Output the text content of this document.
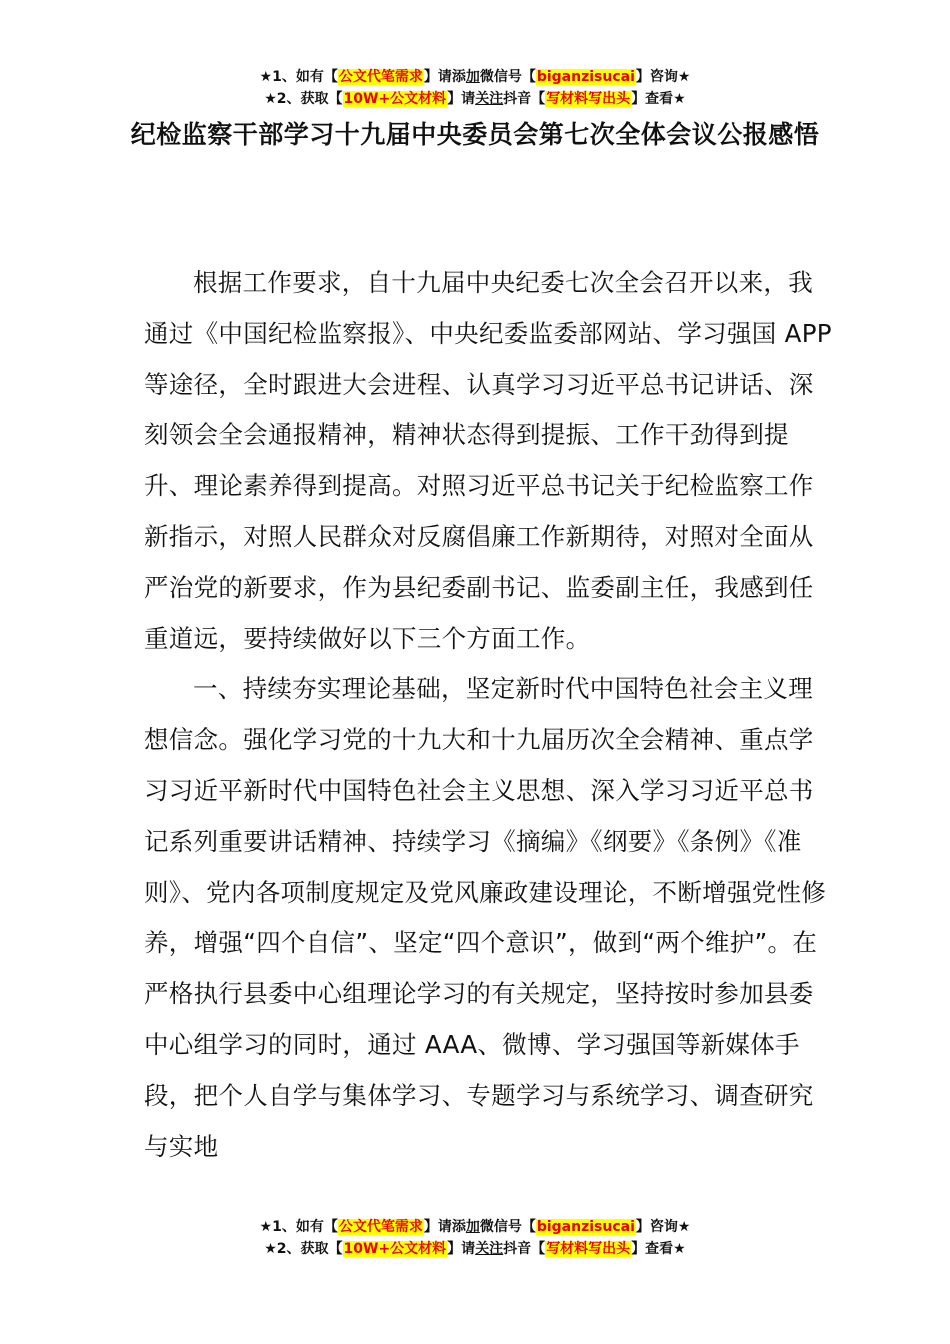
★1、如有【公文代笔需求】请添加微信号【biganzisucai】咨询★
★2、获取【10W+公文材料】请关注抖音【写材料写出头】查看★
纪检监察干部学习十九届中央委员会第七次全体会议公报感悟

根据工作要求，自十九届中央纪委七次全会召开以来，我通过《中国纪检监察报》、中央纪委监委部网站、学习强国 APP 等途径，全时跟进大会进程、认真学习习近平总书记讲话、深刻领会全会通报精神，精神状态得到提振、工作干劲得到提升、理论素养得到提高。对照习近平总书记关于纪检监察工作新指示，对照人民群众对反腐倡廉工作新期待，对照对全面从严治党的新要求，作为县纪委副书记、监委副主任，我感到任重道远，要持续做好以下三个方面工作。

一、持续夯实理论基础，坚定新时代中国特色社会主义理想信念。强化学习党的十九大和十九届历次全会精神、重点学习习近平新时代中国特色社会主义思想、深入学习习近平总书记系列重要讲话精神、持续学习《摘编》《纲要》《条例》《准则》、党内各项制度规定及党风廉政建设理论，不断增强党性修养，增强“四个自信”、坚定“四个意识”，做到“两个维护”。在严格执行县委中心组理论学习的有关规定，坚持按时参加县委中心组学习的同时，通过 AAA、微博、学习强国等新媒体手段，把个人自学与集体学习、专题学习与系统学习、调查研究与实地

★1、如有【公文代笔需求】请添加微信号【biganzisucai】咨询★
★2、获取【10W+公文材料】请关注抖音【写材料写出头】查看★
